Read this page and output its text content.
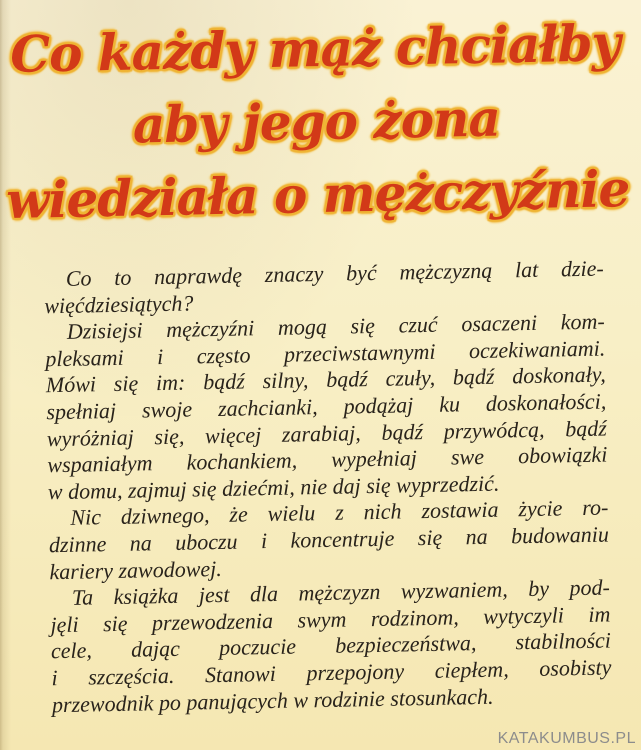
Co każdy mąż chciałby
aby jego żona
wiedziała o mężczyźnie
Co to naprawdę znaczy być mężczyzną lat dzie-
więćdziesiątych?
Dzisiejsi mężczyźni mogą się czuć osaczeni kom-
pleksami i często przeciwstawnymi oczekiwaniami.
Mówi się im: bądź silny, bądź czuły, bądź doskonały,
spełniaj swoje zachcianki, podążaj ku doskonałości,
wyróżniaj się, więcej zarabiaj, bądź przywódcą, bądź
wspaniałym kochankiem, wypełniaj swe obowiązki
w domu, zajmuj się dziećmi, nie daj się wyprzedzić.
Nic dziwnego, że wielu z nich zostawia życie ro-
dzinne na uboczu i koncentruje się na budowaniu
kariery zawodowej.
Ta książka jest dla mężczyzn wyzwaniem, by pod-
jęli się przewodzenia swym rodzinom, wytyczyli im
cele, dając poczucie bezpieczeństwa, stabilności
i szczęścia. Stanowi przepojony ciepłem, osobisty
przewodnik po panujących w rodzinie stosunkach.
KATAKUMBUS.PL
